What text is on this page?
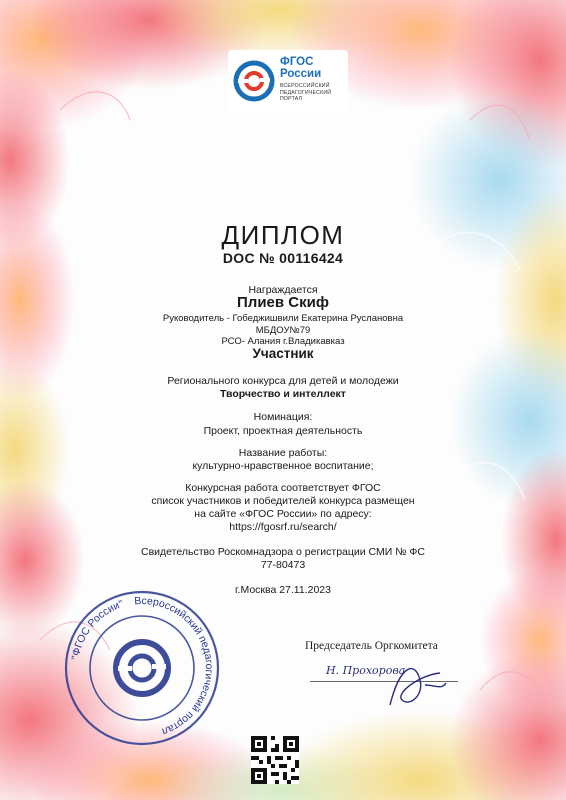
ФГОС
России
ВСЕРОССИЙСКИЙ
ПЕДАГОГИЧЕСКИЙ
ПОРТАЛ
ДИПЛОМ
DOC № 00116424
Награждается
Плиев Скиф
Руководитель - Гобеджишвили Екатерина Руслановна
МБДОУ№79
РСО- Алания г.Владикавказ
Участник
Регионального конкурса для детей и молодежи
Творчество и интеллект
Номинация:
Проект, проектная деятельность
Название работы:
культурно-нравственное воспитание;
Конкурсная работа соответствует ФГОС
список участников и победителей конкурса размещен
на сайте «ФГОС России» по адресу:
https://fgosrf.ru/search/
Свидетельство Роскомнадзора о регистрации СМИ № ФС
77-80473
г.Москва 27.11.2023
"ФГОС России" Всероссийский педагогический портал
Председатель Оргкомитета
Н. Прохорова
